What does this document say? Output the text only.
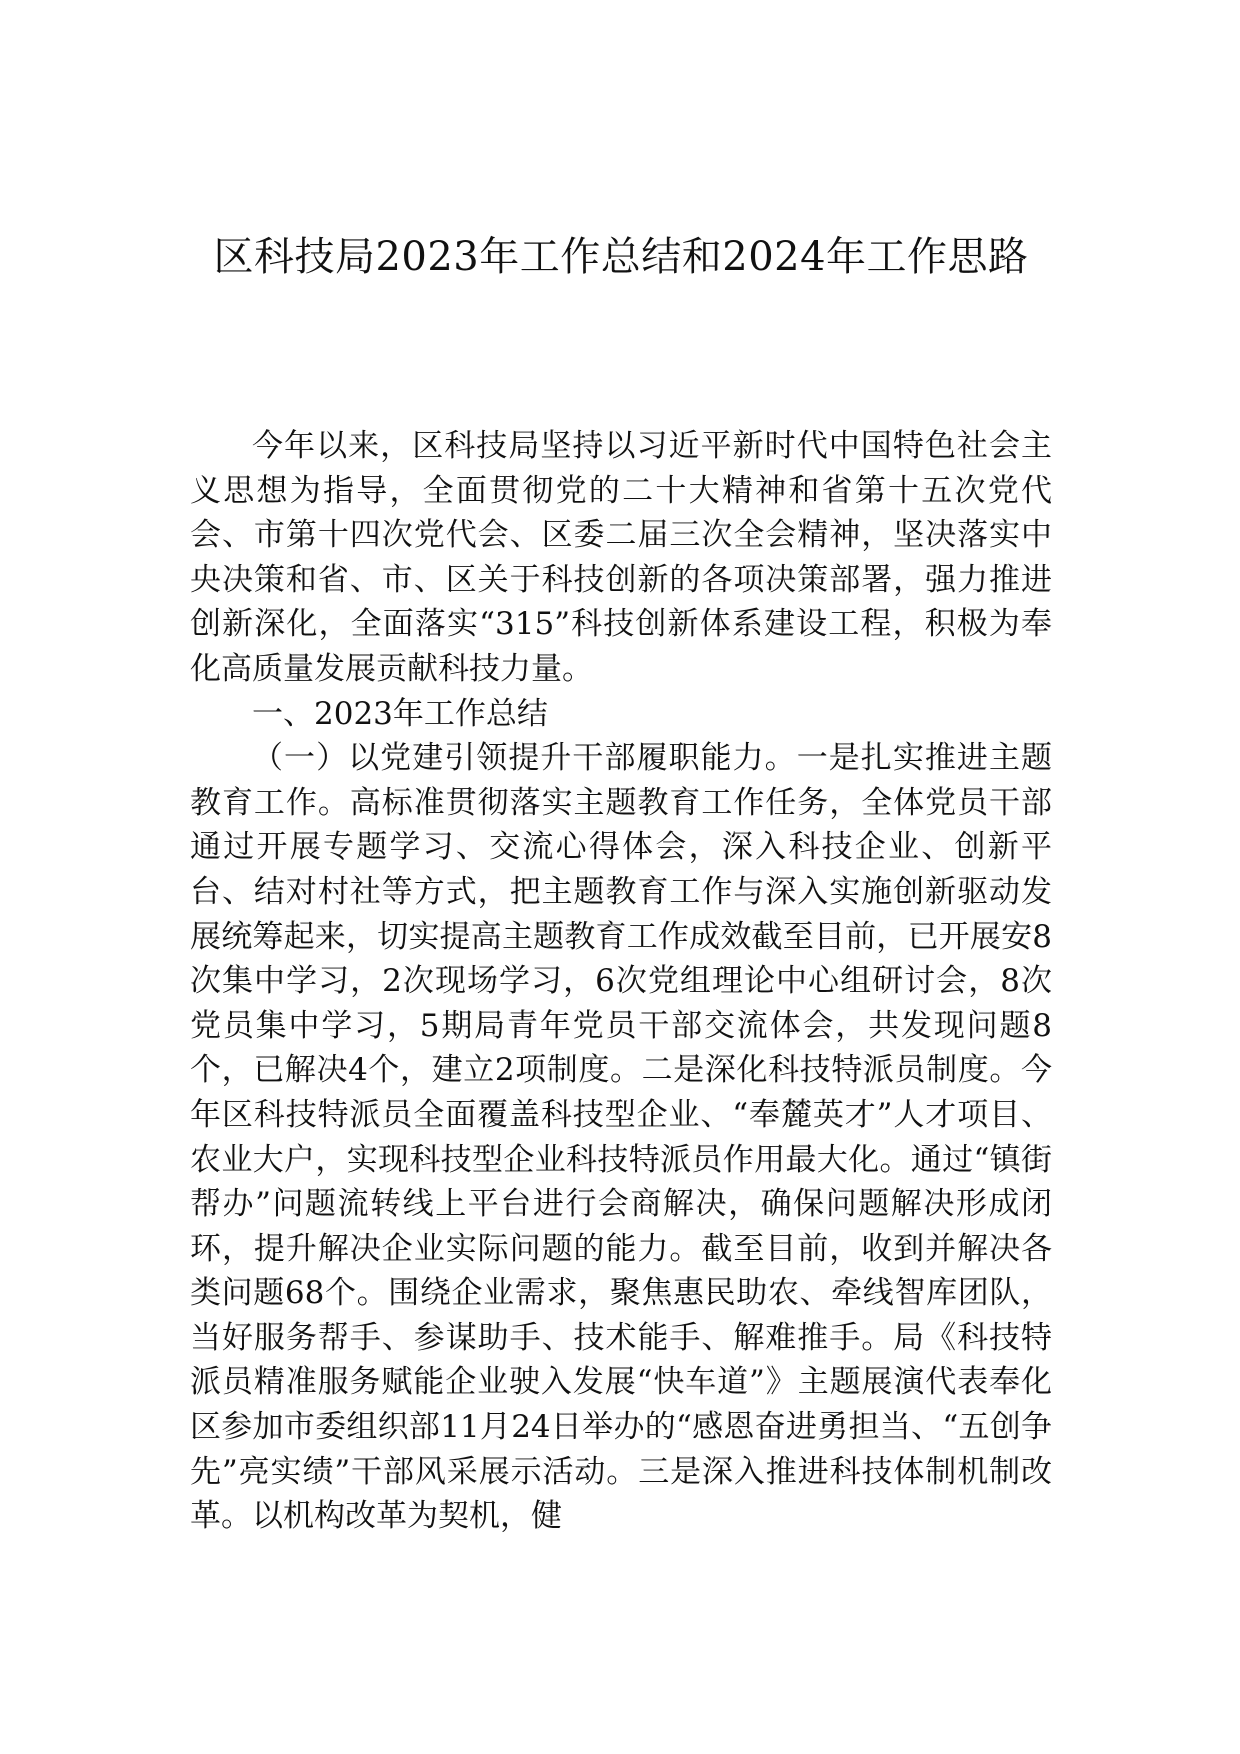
区科技局2023年工作总结和2024年工作思路

今年以来，区科技局坚持以习近平新时代中国特色社会主义思想为指导，全面贯彻党的二十大精神和省第十五次党代会、市第十四次党代会、区委二届三次全会精神，坚决落实中央决策和省、市、区关于科技创新的各项决策部署，强力推进创新深化，全面落实“315”科技创新体系建设工程，积极为奉化高质量发展贡献科技力量。

一、2023年工作总结

（一）以党建引领提升干部履职能力。一是扎实推进主题教育工作。高标准贯彻落实主题教育工作任务，全体党员干部通过开展专题学习、交流心得体会，深入科技企业、创新平台、结对村社等方式，把主题教育工作与深入实施创新驱动发展统筹起来，切实提高主题教育工作成效截至目前，已开展安8次集中学习，2次现场学习，6次党组理论中心组研讨会，8次党员集中学习，5期局青年党员干部交流体会，共发现问题8个，已解决4个，建立2项制度。二是深化科技特派员制度。今年区科技特派员全面覆盖科技型企业、“奉麓英才”人才项目、农业大户，实现科技型企业科技特派员作用最大化。通过“镇街帮办”问题流转线上平台进行会商解决，确保问题解决形成闭环，提升解决企业实际问题的能力。截至目前，收到并解决各类问题68个。围绕企业需求，聚焦惠民助农、牵线智库团队，当好服务帮手、参谋助手、技术能手、解难推手。局《科技特派员精准服务赋能企业驶入发展“快车道”》主题展演代表奉化区参加市委组织部11月24日举办的“感恩奋进勇担当、“五创争先”亮实绩”干部风采展示活动。三是深入推进科技体制机制改革。以机构改革为契机，健
